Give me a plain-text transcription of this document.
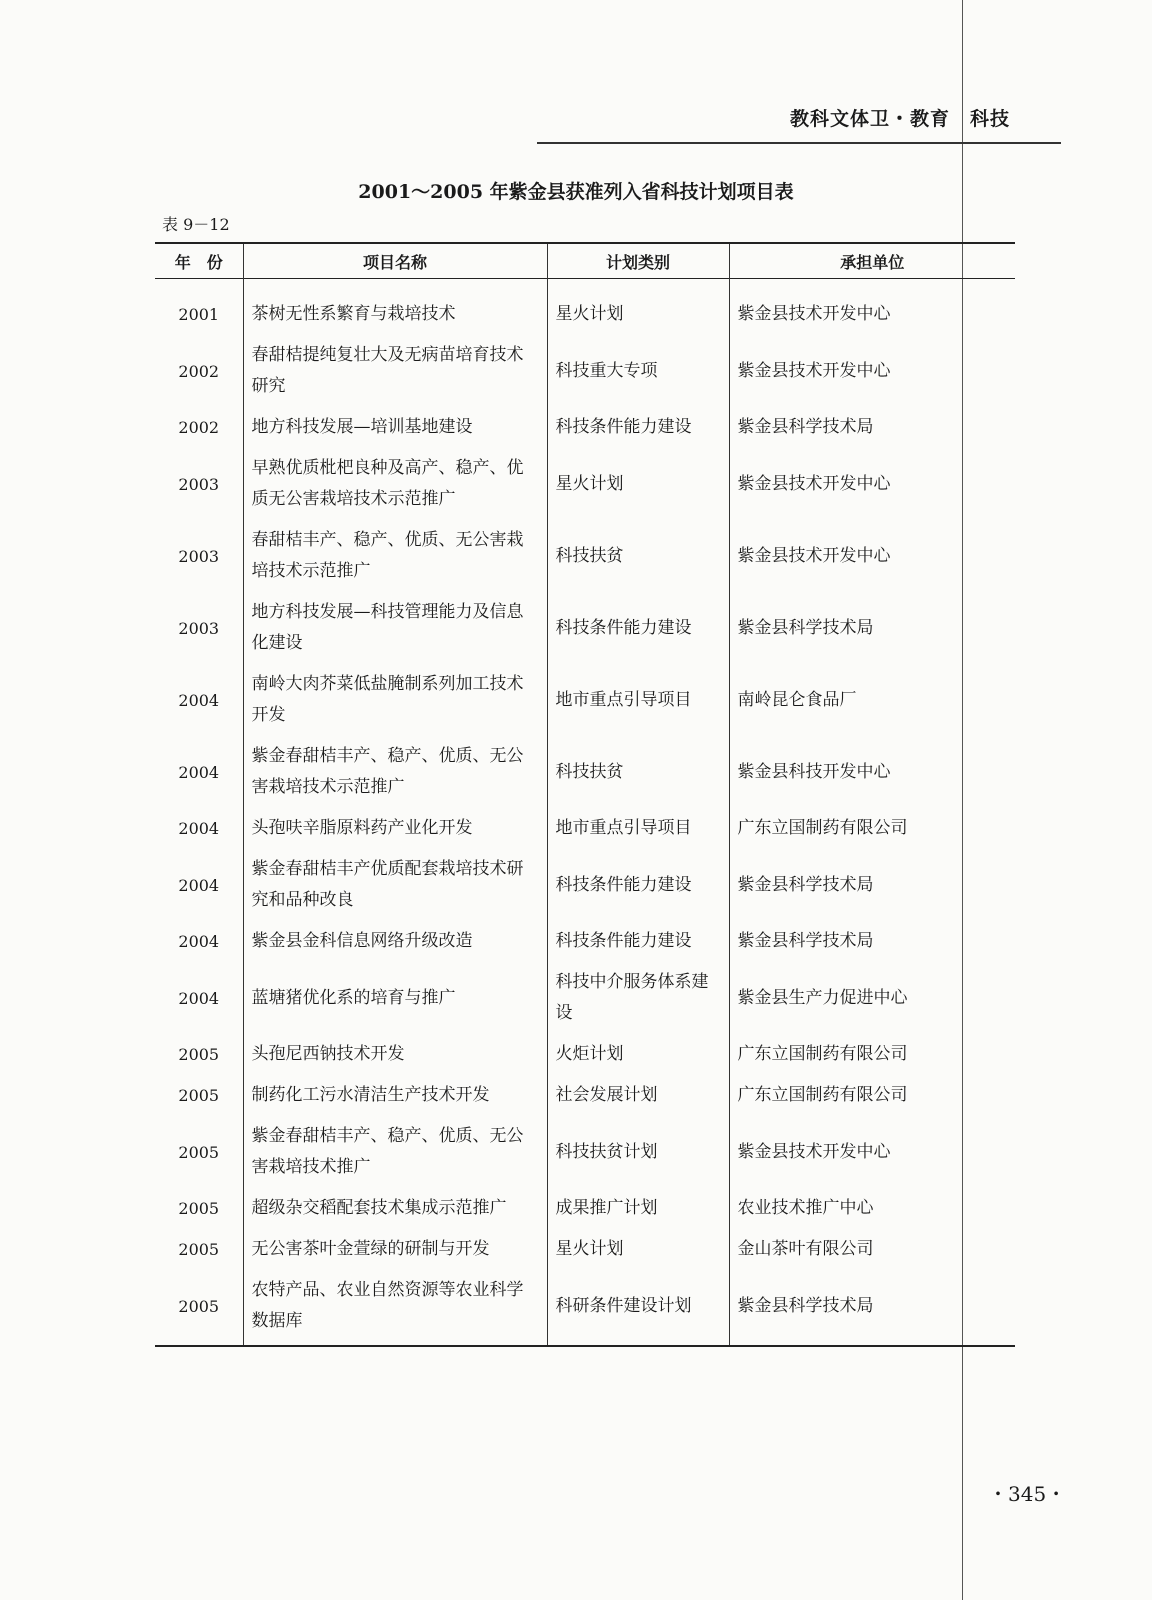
教科文体卫・教育　科技
2001～2005 年紫金县获准列入省科技计划项目表
表 9－12
年　份	项目名称	计划类别	承担单位
2001	茶树无性系繁育与栽培技术	星火计划	紫金县技术开发中心
2002	春甜桔提纯复壮大及无病苗培育技术研究	科技重大专项	紫金县技术开发中心
2002	地方科技发展—培训基地建设	科技条件能力建设	紫金县科学技术局
2003	早熟优质枇杷良种及高产、稳产、优质无公害栽培技术示范推广	星火计划	紫金县技术开发中心
2003	春甜桔丰产、稳产、优质、无公害栽培技术示范推广	科技扶贫	紫金县技术开发中心
2003	地方科技发展—科技管理能力及信息化建设	科技条件能力建设	紫金县科学技术局
2004	南岭大肉芥菜低盐腌制系列加工技术开发	地市重点引导项目	南岭昆仑食品厂
2004	紫金春甜桔丰产、稳产、优质、无公害栽培技术示范推广	科技扶贫	紫金县科技开发中心
2004	头孢呋辛脂原料药产业化开发	地市重点引导项目	广东立国制药有限公司
2004	紫金春甜桔丰产优质配套栽培技术研究和品种改良	科技条件能力建设	紫金县科学技术局
2004	紫金县金科信息网络升级改造	科技条件能力建设	紫金县科学技术局
2004	蓝塘猪优化系的培育与推广	科技中介服务体系建设	紫金县生产力促进中心
2005	头孢尼西钠技术开发	火炬计划	广东立国制药有限公司
2005	制药化工污水清洁生产技术开发	社会发展计划	广东立国制药有限公司
2005	紫金春甜桔丰产、稳产、优质、无公害栽培技术推广	科技扶贫计划	紫金县技术开发中心
2005	超级杂交稻配套技术集成示范推广	成果推广计划	农业技术推广中心
2005	无公害茶叶金萱绿的研制与开发	星火计划	金山茶叶有限公司
2005	农特产品、农业自然资源等农业科学数据库	科研条件建设计划	紫金县科学技术局
・345・
